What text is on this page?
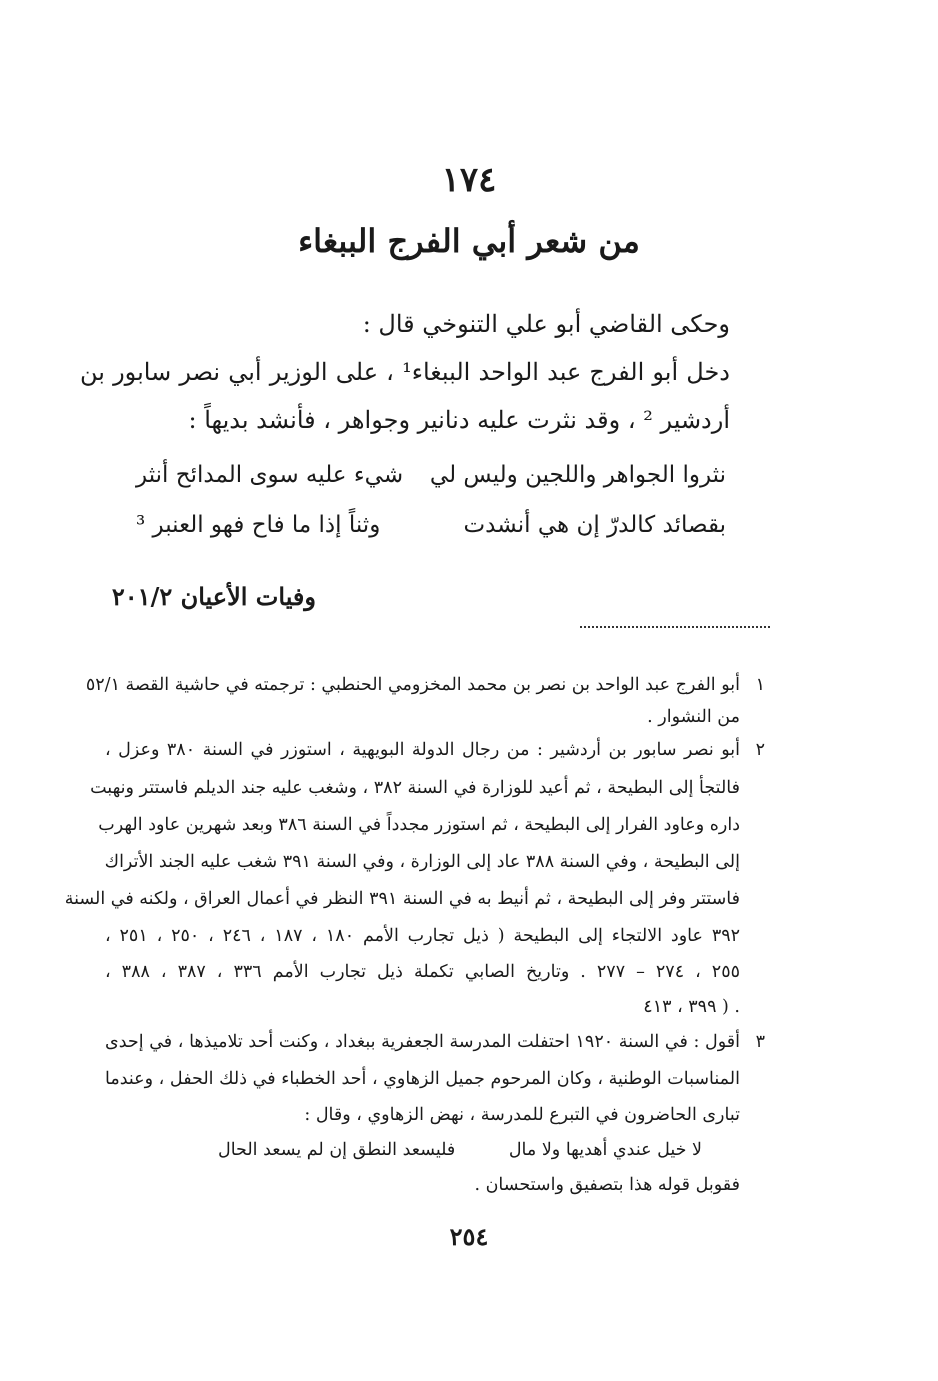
١٧٤
من شعر أبي الفرج الببغاء
وحكى القاضي أبو علي التنوخي قال :
دخل أبو الفرج عبد الواحد الببغاء¹ ، على الوزير أبي نصر سابور بن
أردشير ² ، وقد نثرت عليه دنانير وجواهر ، فأنشد بديهاً :
نثروا الجواهر واللجين وليس لي
شيء عليه سوى المدائح أنثر
بقصائد كالدرّ إن هي أنشدت
وثناً إذا ما فاح فهو العنبر ³
وفيات الأعيان ٢٠١/٢
١
أبو الفرج عبد الواحد بن نصر بن محمد المخزومي الحنطبي : ترجمته في حاشية القصة ٥٢/١
من النشوار .
٢
أبو نصر سابور بن أردشير : من رجال الدولة البويهية ، استوزر في السنة ٣٨٠ وعزل ،
فالتجأ إلى البطيحة ، ثم أعيد للوزارة في السنة ٣٨٢ ، وشغب عليه جند الديلم فاستتر ونهبت
داره وعاود الفرار إلى البطيحة ، ثم استوزر مجدداً في السنة ٣٨٦ وبعد شهرين عاود الهرب
إلى البطيحة ، وفي السنة ٣٨٨ عاد إلى الوزارة ، وفي السنة ٣٩١ شغب عليه الجند الأتراك
فاستتر وفر إلى البطيحة ، ثم أنيط به في السنة ٣٩١ النظر في أعمال العراق ، ولكنه في السنة
٣٩٢ عاود الالتجاء إلى البطيحة ( ذيل تجارب الأمم ١٨٠ ، ١٨٧ ، ٢٤٦ ، ٢٥٠ ، ٢٥١ ،
٢٥٥ ، ٢٧٤ – ٢٧٧ . وتاريخ الصابي تكملة ذيل تجارب الأمم ٣٣٦ ، ٣٨٧ ، ٣٨٨ ،
٣٩٩ ، ٤١٣ ) .
٣
أقول : في السنة ١٩٢٠ احتفلت المدرسة الجعفرية ببغداد ، وكنت أحد تلاميذها ، في إحدى
المناسبات الوطنية ، وكان المرحوم جميل الزهاوي ، أحد الخطباء في ذلك الحفل ، وعندما
تبارى الحاضرون في التبرع للمدرسة ، نهض الزهاوي ، وقال :
لا خيل عندي أهديها ولا مال
فليسعد النطق إن لم يسعد الحال
فقوبل قوله هذا بتصفيق واستحسان .
٢٥٤
